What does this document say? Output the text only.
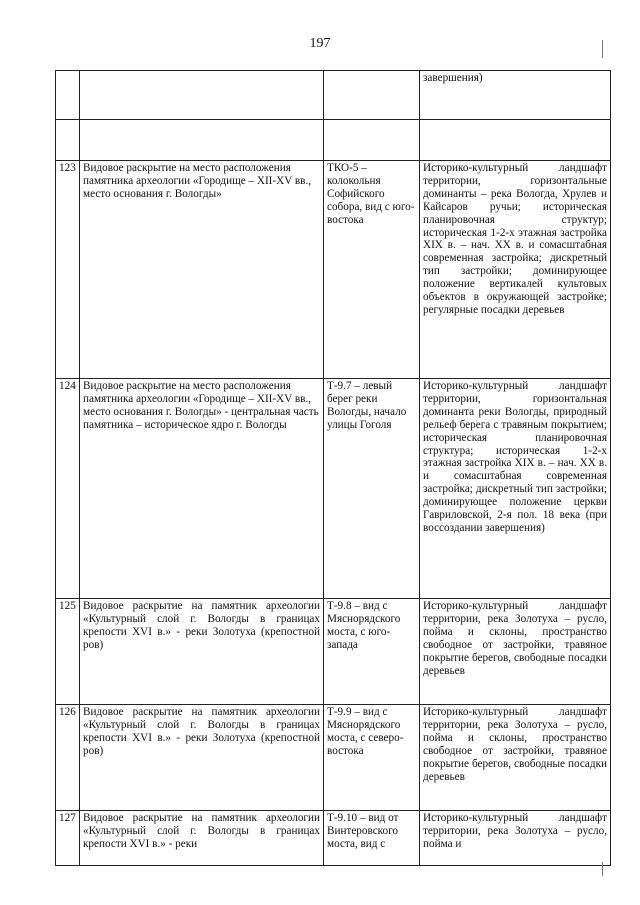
197
			завершения)

123	Видовое раскрытие на место расположения памятника археологии «Городище – XII-XV вв., место основания г. Вологды»	ТКО-5 – колокольня Софийского собора, вид с юго-востока	Историко-культурный ландшафт территории, горизонтальные доминанты – река Вологда, Хрулев и Кайсаров ручьи; историческая планировочная структур; историческая 1-2-х этажная застройка XIX в. – нач. XX в. и сомасштабная современная застройка; дискретный тип застройки; доминирующее положение вертикалей культовых объектов в окружающей застройке; регулярные посадки деревьев
124	Видовое раскрытие на место расположения памятника археологии «Городище – XII-XV вв., место основания г. Вологды» - центральная часть памятника – историческое ядро г. Вологды	Т-9.7 – левый берег реки Вологды, начало улицы Гоголя	Историко-культурный ландшафт территории, горизонтальная доминанта реки Вологды, природный рельеф берега с травяным покрытием; историческая планировочная структура; историческая 1-2-х этажная застройка XIX в. – нач. XX в. и сомасштабная современная застройка; дискретный тип застройки; доминирующее положение церкви Гавриловской, 2-я пол. 18 века (при воссоздании завершения)
125	Видовое раскрытие на памятник археологии «Культурный слой г. Вологды в границах крепости XVI в.» - реки Золотуха (крепостной ров)	Т-9.8 – вид с Мяснорядского моста, с юго-запада	Историко-культурный ландшафт территории, река Золотуха – русло, пойма и склоны, пространство свободное от застройки, травяное покрытие берегов, свободные посадки деревьев
126	Видовое раскрытие на памятник археологии «Культурный слой г. Вологды в границах крепости XVI в.» - реки Золотуха (крепостной ров)	Т-9.9 – вид с Мяснорядского моста, с северо-востока	Историко-культурный ландшафт территории, река Золотуха – русло, пойма и склоны, пространство свободное от застройки, травяное покрытие берегов, свободные посадки деревьев
127	Видовое раскрытие на памятник археологии «Культурный слой г. Вологды в границах крепости XVI в.» - реки	Т-9.10 – вид от Винтеровского моста, вид с	Историко-культурный ландшафт территории, река Золотуха – русло, пойма и
